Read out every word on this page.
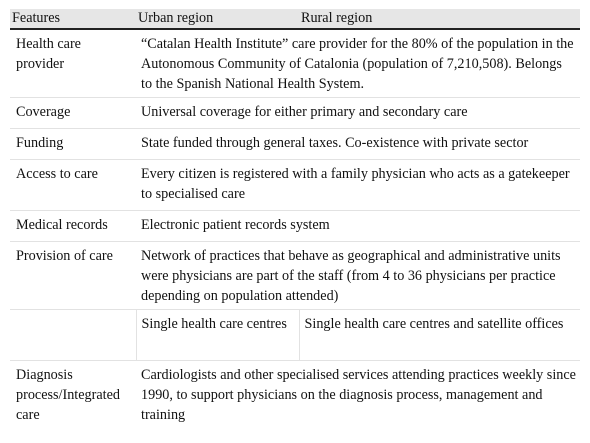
Features	Urban region	Rural region
Health care provider	“Catalan Health Institute” care provider for the 80% of the population in the Autonomous Community of Catalonia (population of 7,210,508). Belongs to the Spanish National Health System.	
Coverage	Universal coverage for either primary and secondary care	
Funding	State funded through general taxes. Co-existence with private sector	
Access to care	Every citizen is registered with a family physician who acts as a gatekeeper to specialised care	
Medical records	Electronic patient records system	
Provision of care	Network of practices that behave as geographical and administrative units were physicians are part of the staff (from 4 to 36 physicians per practice depending on population attended)	
	Single health care centres	Single health care centres and satellite offices
Diagnosis process/Integrated care	Cardiologists and other specialised services attending practices weekly since 1990, to support physicians on the diagnosis process, management and training	
